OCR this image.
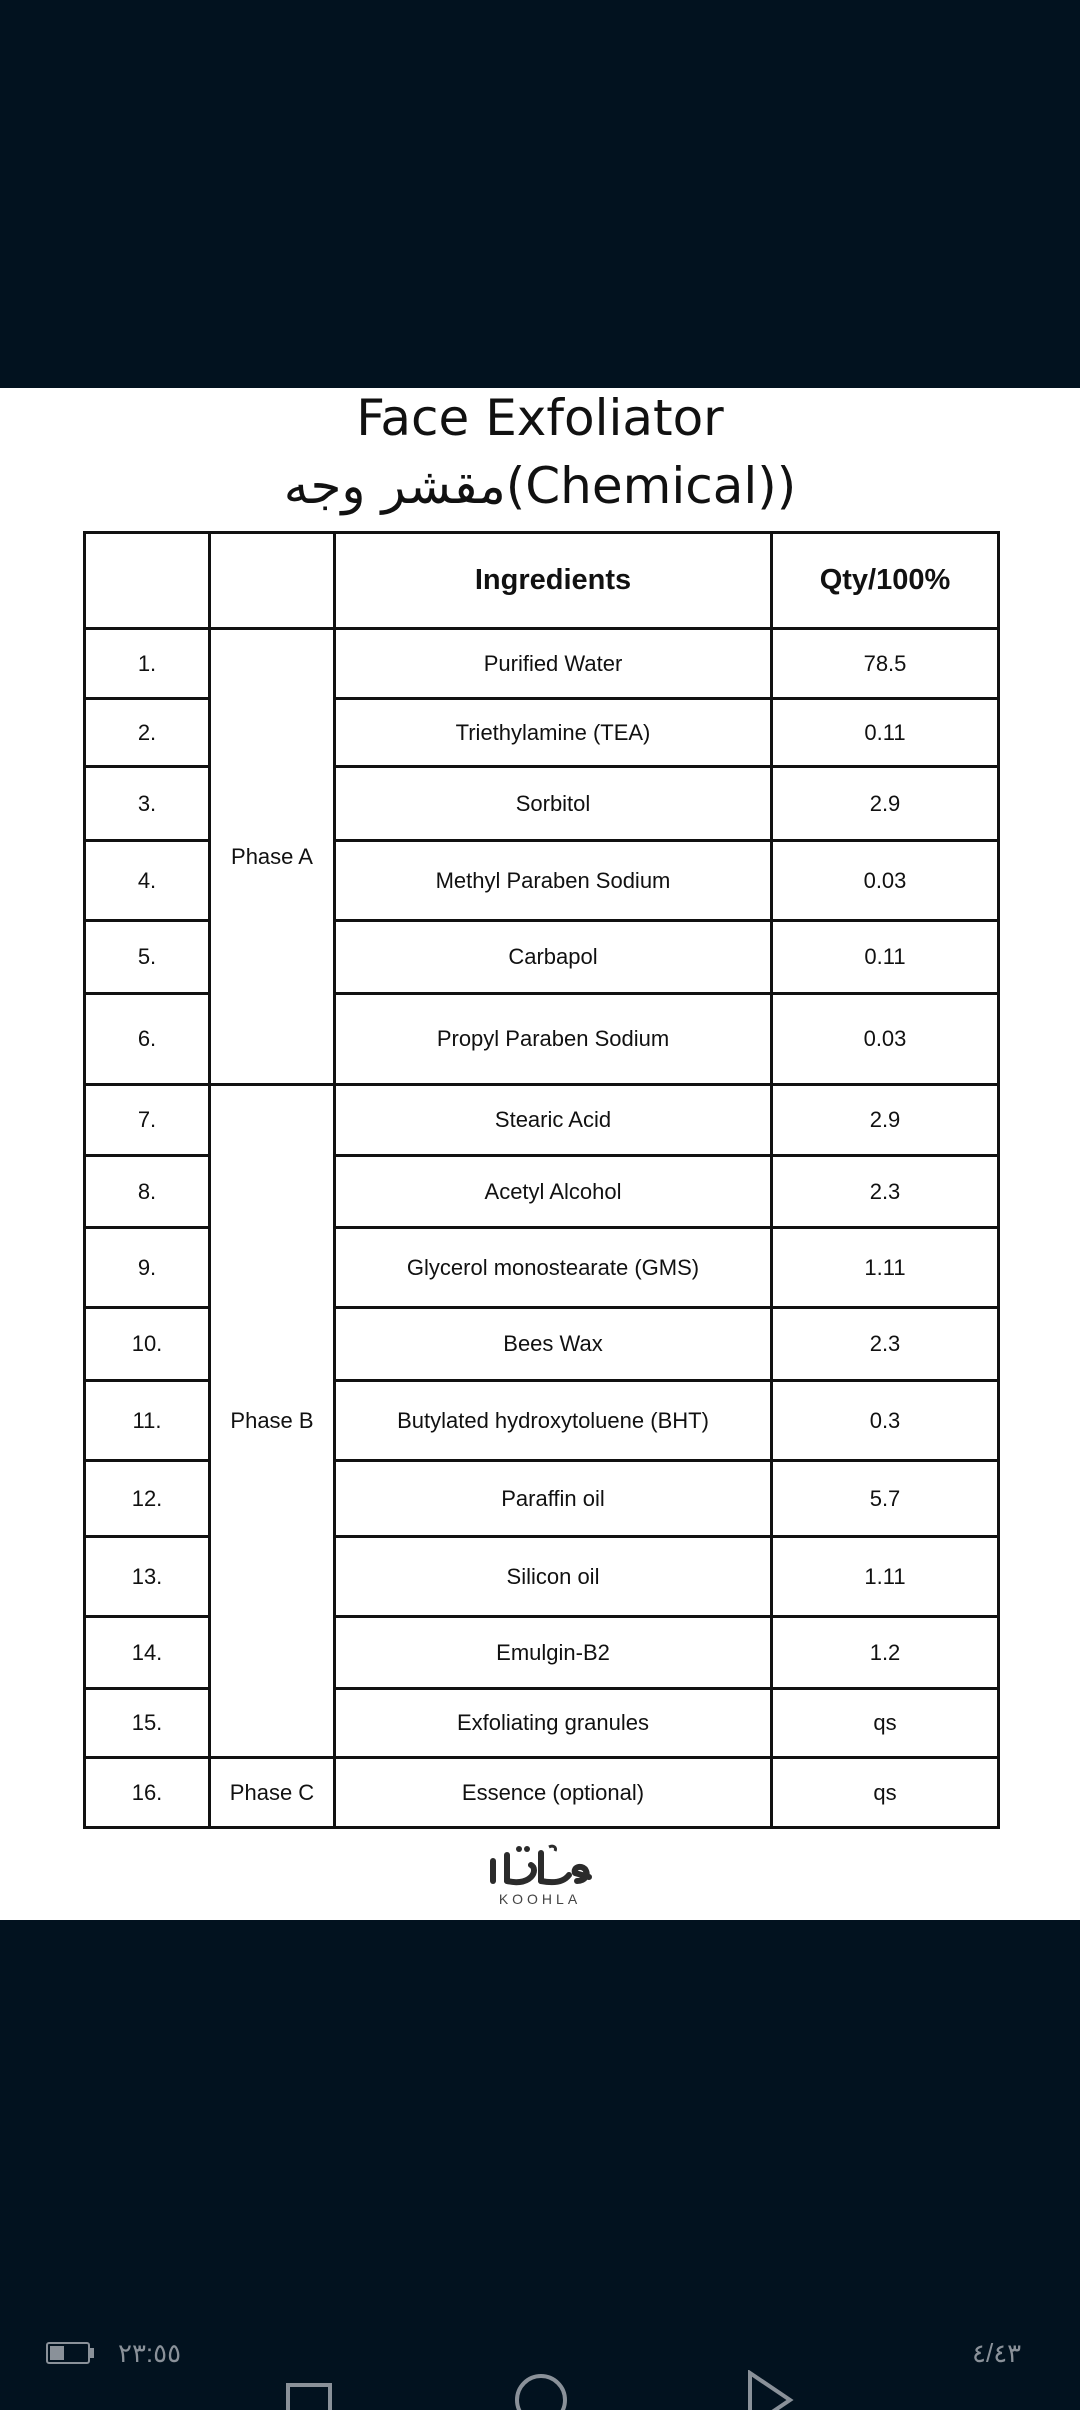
Face Exfoliator
مقشر وجه(Chemical))
		Ingredients	Qty/100%
1.	Phase A	Purified Water	78.5
2.		Triethylamine (TEA)	0.11
3.		Sorbitol	2.9
4.		Methyl Paraben Sodium	0.03
5.		Carbapol	0.11
6.		Propyl Paraben Sodium	0.03
7.	Phase B	Stearic Acid	2.9
8.		Acetyl Alcohol	2.3
9.		Glycerol monostearate (GMS)	1.11
10.		Bees Wax	2.3
11.		Butylated hydroxytoluene (BHT)	0.3
12.		Paraffin oil	5.7
13.		Silicon oil	1.11
14.		Emulgin-B2	1.2
15.		Exfoliating granules	qs
16.	Phase C	Essence (optional)	qs
KOOHLA
٢٣:٥٥	٤/٤٣
